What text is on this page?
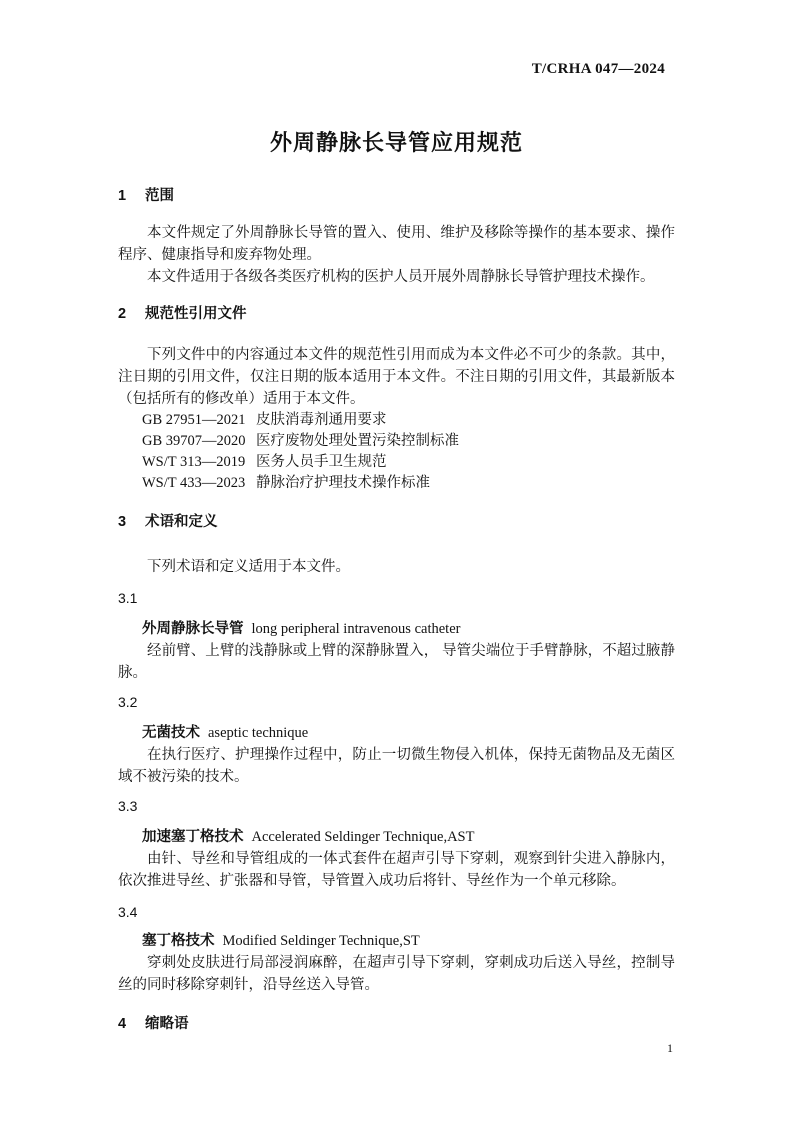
T/CRHA 047—2024
外周静脉长导管应用规范
1 范围

本文件规定了外周静脉长导管的置入、使用、维护及移除等操作的基本要求、操作程序、健康指导和废弃物处理。

本文件适用于各级各类医疗机构的医护人员开展外周静脉长导管护理技术操作。

2 规范性引用文件

下列文件中的内容通过本文件的规范性引用而成为本文件必不可少的条款。其中，注日期的引用文件，仅注日期的版本适用于本文件。不注日期的引用文件，其最新版本（包括所有的修改单）适用于本文件。

GB 27951—2021 皮肤消毒剂通用要求
GB 39707—2020 医疗废物处理处置污染控制标准
WS/T 313—2019 医务人员手卫生规范
WS/T 433—2023 静脉治疗护理技术操作标准
3 术语和定义

下列术语和定义适用于本文件。

3.1
外周静脉长导管 long peripheral intravenous catheter

经前臂、上臂的浅静脉或上臂的深静脉置入， 导管尖端位于手臂静脉，不超过腋静脉。

3.2
无菌技术 aseptic technique

在执行医疗、护理操作过程中，防止一切微生物侵入机体，保持无菌物品及无菌区域不被污染的技术。

3.3
加速塞丁格技术 Accelerated Seldinger Technique,AST

由针、导丝和导管组成的一体式套件在超声引导下穿刺，观察到针尖进入静脉内，依次推进导丝、扩张器和导管，导管置入成功后将针、导丝作为一个单元移除。

3.4
塞丁格技术 Modified Seldinger Technique,ST

穿刺处皮肤进行局部浸润麻醉，在超声引导下穿刺，穿刺成功后送入导丝，控制导丝的同时移除穿刺针，沿导丝送入导管。

4 缩略语
1
